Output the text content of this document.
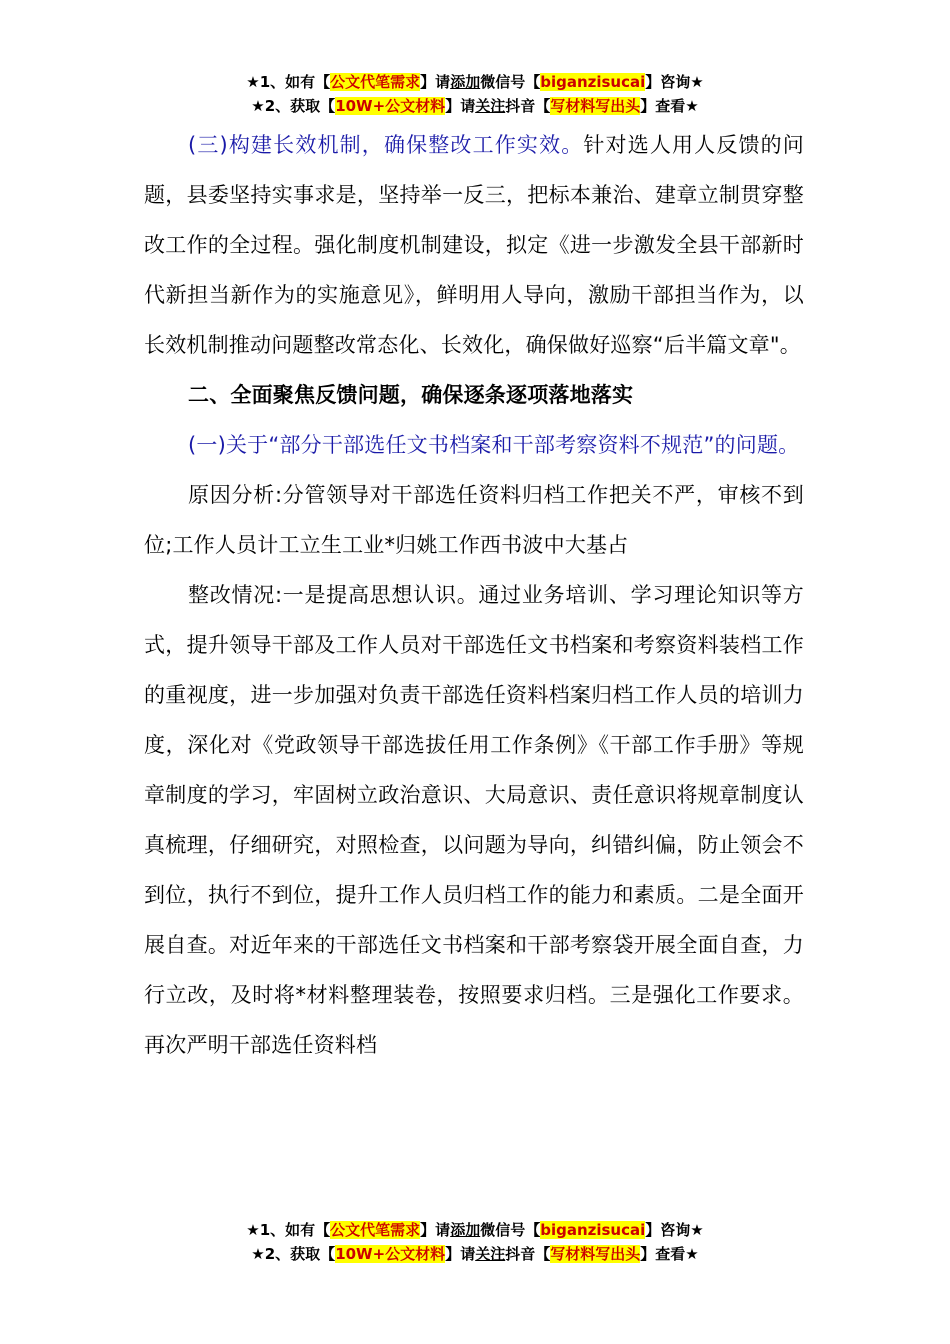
★1、如有【公文代笔需求】请添加微信号【biganzisucai】咨询★
★2、获取【10W+公文材料】请关注抖音【写材料写出头】查看★

(三)构建长效机制，确保整改工作实效。针对选人用人反馈的问题，县委坚持实事求是，坚持举一反三，把标本兼治、建章立制贯穿整改工作的全过程。强化制度机制建设，拟定《进一步激发全县干部新时代新担当新作为的实施意见》，鲜明用人导向，激励干部担当作为，以长效机制推动问题整改常态化、长效化，确保做好巡察“后半篇文章"。

二、全面聚焦反馈问题，确保逐条逐项落地落实

(一)关于“部分干部选任文书档案和干部考察资料不规范”的问题。

原因分析:分管领导对干部选任资料归档工作把关不严，审核不到位;工作人员计工立生工业*归姚工作西书波中大基占

整改情况:一是提高思想认识。通过业务培训、学习理论知识等方式，提升领导干部及工作人员对干部选任文书档案和考察资料装档工作的重视度，进一步加强对负责干部选任资料档案归档工作人员的培训力度，深化对《党政领导干部选拔任用工作条例》《干部工作手册》等规章制度的学习，牢固树立政治意识、大局意识、责任意识将规章制度认真梳理，仔细研究，对照检查，以问题为导向，纠错纠偏，防止领会不到位，执行不到位，提升工作人员归档工作的能力和素质。二是全面开展自查。对近年来的干部选任文书档案和干部考察袋开展全面自查，力行立改，及时将*材料整理装卷，按照要求归档。三是强化工作要求。再次严明干部选任资料档

★1、如有【公文代笔需求】请添加微信号【biganzisucai】咨询★
★2、获取【10W+公文材料】请关注抖音【写材料写出头】查看★
